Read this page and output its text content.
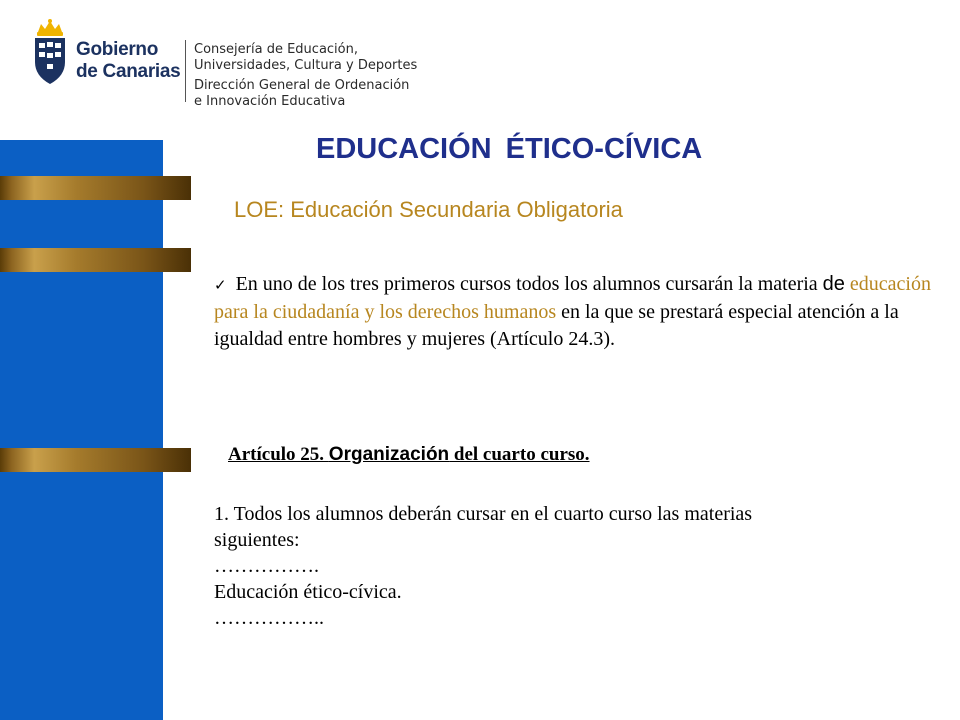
Gobierno
de Canarias
Consejería de Educación,
Universidades, Cultura y Deportes
Dirección General de Ordenación
e Innovación Educativa
EDUCACIÓN ÉTICO-CÍVICA
LOE: Educación Secundaria Obligatoria
✓ En uno de los tres primeros cursos todos los alumnos cursarán la materia de educación para la ciudadanía y los derechos humanos en la que se prestará especial atención a la igualdad entre hombres y mujeres (Artículo 24.3).
Artículo 25. Organización del cuarto curso.
1. Todos los alumnos deberán cursar en el cuarto curso las materias
siguientes:
…………….
Educación ético-cívica.
……………..
